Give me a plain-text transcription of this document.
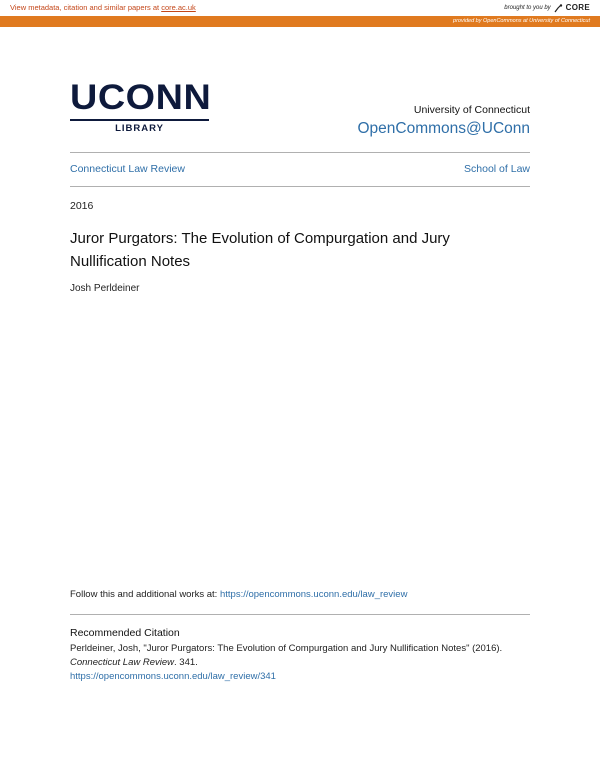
View metadata, citation and similar papers at core.ac.uk	brought to you by CORE
provided by OpenCommons at University of Connecticut
UCONN
LIBRARY
University of Connecticut
OpenCommons@UConn
Connecticut Law Review	School of Law
2016
Juror Purgators: The Evolution of Compurgation and Jury Nullification Notes
Josh Perldeiner
Follow this and additional works at: https://opencommons.uconn.edu/law_review
Recommended Citation
Perldeiner, Josh, "Juror Purgators: The Evolution of Compurgation and Jury Nullification Notes" (2016).
Connecticut Law Review. 341.
https://opencommons.uconn.edu/law_review/341
